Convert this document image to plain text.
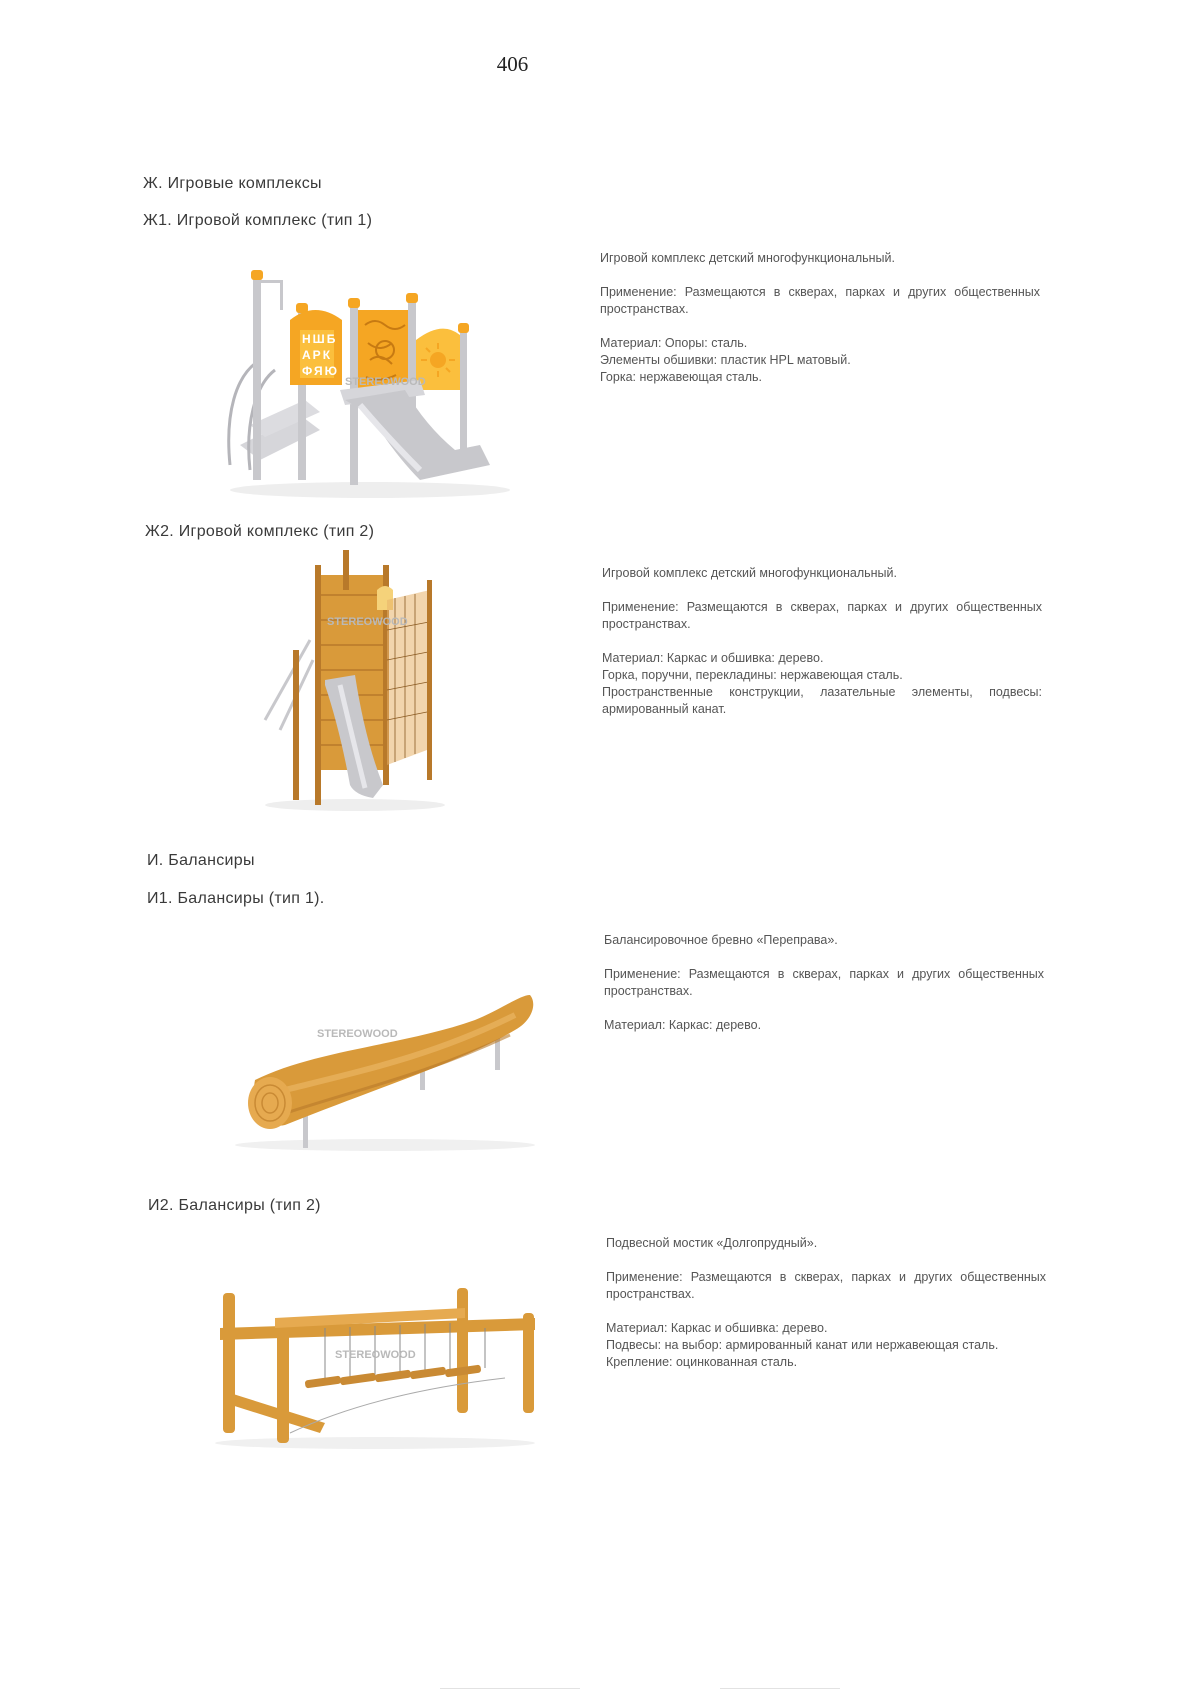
406
Ж. Игровые комплексы
Ж1. Игровой комплекс (тип 1)
Н Ш Б
А Р К
Ф Я Ю
STEREOWOOD

Игровой комплекс детский многофункциональный.

Применение: Размещаются в скверах, парках и других общественных пространствах.

Материал: Опоры: сталь.
Элементы обшивки: пластик HPL матовый.
Горка: нержавеющая сталь.

Ж2. Игровой комплекс (тип 2)
STEREOWOOD

Игровой комплекс детский многофункциональный.

Применение: Размещаются в скверах, парках и других общественных пространствах.

Материал: Каркас и обшивка: дерево.
Горка, поручни, перекладины: нержавеющая сталь.
Пространственные конструкции, лазательные элементы, подвесы: армированный канат.

И. Балансиры
И1. Балансиры (тип 1).
STEREOWOOD

Балансировочное бревно «Переправа».

Применение: Размещаются в скверах, парках и других общественных пространствах.

Материал: Каркас: дерево.

И2. Балансиры (тип 2)
STEREOWOOD

Подвесной мостик «Долгопрудный».

Применение: Размещаются в скверах, парках и других общественных пространствах.

Материал: Каркас и обшивка: дерево.
Подвесы: на выбор: армированный канат или нержавеющая сталь.
Крепление: оцинкованная сталь.
